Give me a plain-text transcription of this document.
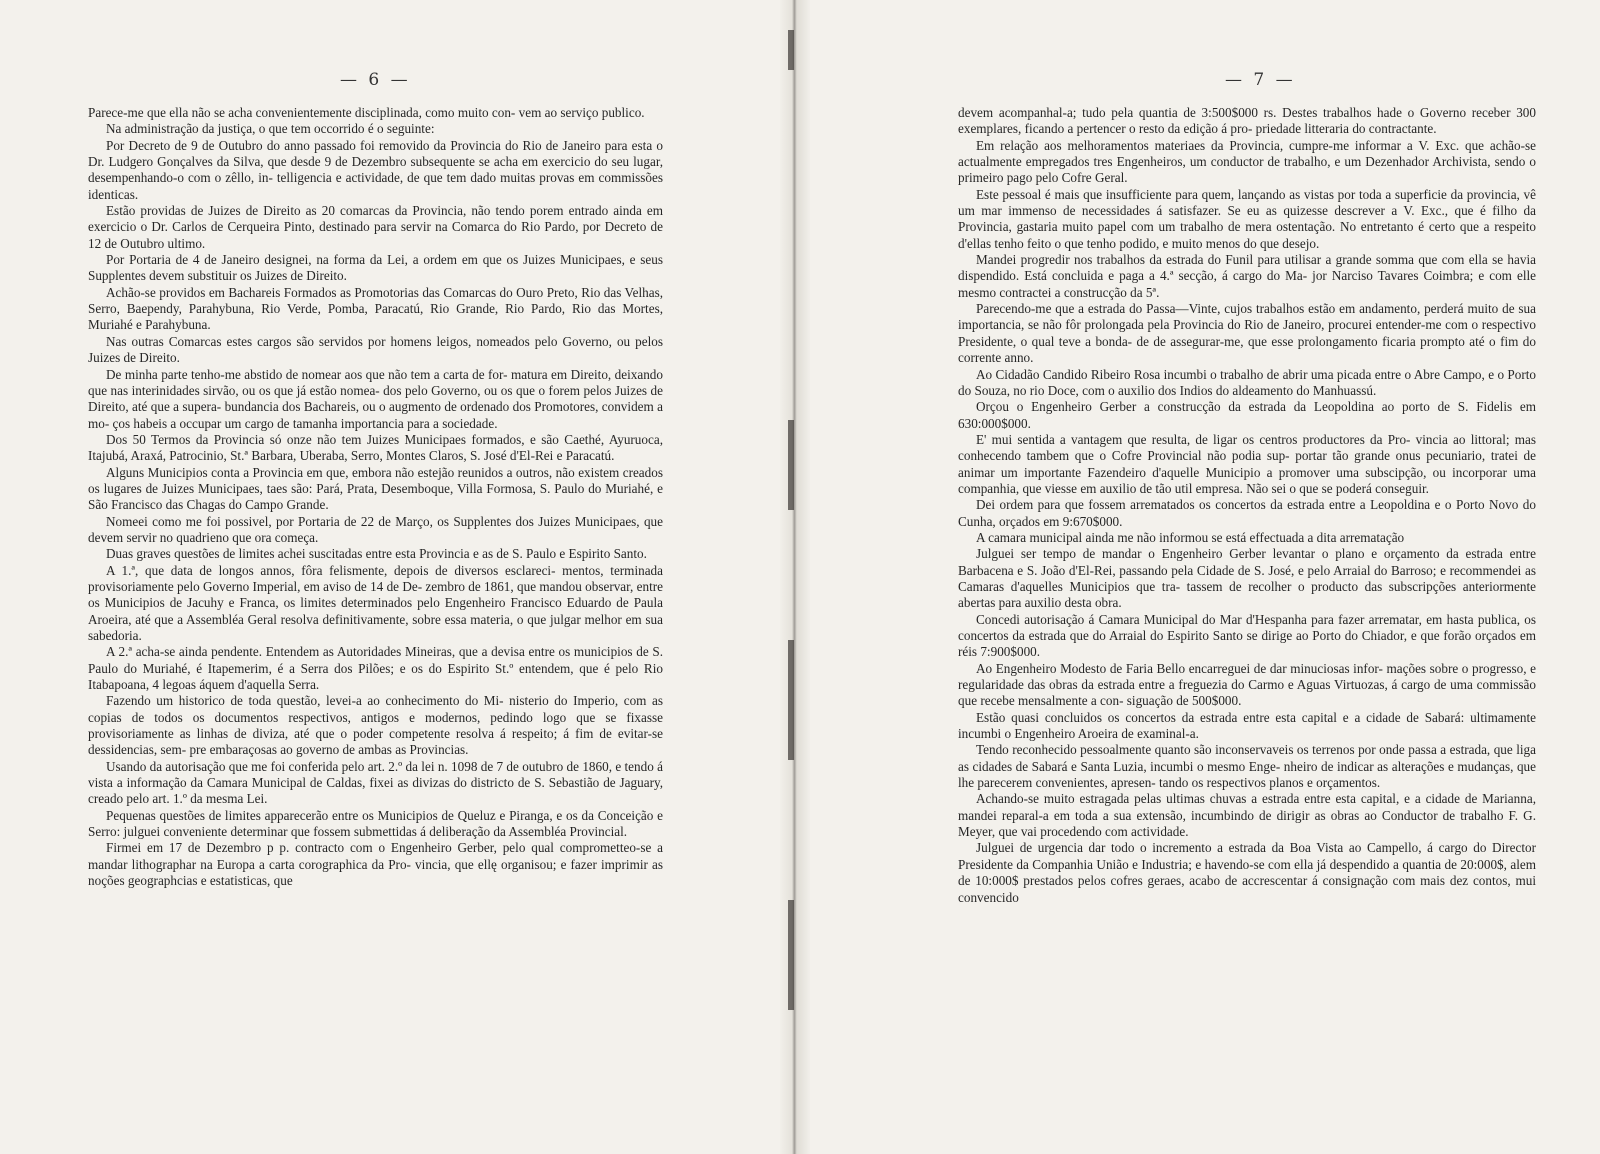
— 6 —

Parece-me que ella não se acha convenientemente disciplinada, como muito con- vem ao serviço publico.

Na administração da justiça, o que tem occorrido é o seguinte:

Por Decreto de 9 de Outubro do anno passado foi removido da Provincia do Rio de Janeiro para esta o Dr. Ludgero Gonçalves da Silva, que desde 9 de Dezembro subsequente se acha em exercicio do seu lugar, desempenhando-o com o zêllo, in- telligencia e actividade, de que tem dado muitas provas em commissões identicas.

Estão providas de Juizes de Direito as 20 comarcas da Provincia, não tendo porem entrado ainda em exercicio o Dr. Carlos de Cerqueira Pinto, destinado para servir na Comarca do Rio Pardo, por Decreto de 12 de Outubro ultimo.

Por Portaria de 4 de Janeiro designei, na forma da Lei, a ordem em que os Juizes Municipaes, e seus Supplentes devem substituir os Juizes de Direito.

Achão-se providos em Bachareis Formados as Promotorias das Comarcas do Ouro Preto, Rio das Velhas, Serro, Baependy, Parahybuna, Rio Verde, Pomba, Paracatú, Rio Grande, Rio Pardo, Rio das Mortes, Muriahé e Parahybuna.

Nas outras Comarcas estes cargos são servidos por homens leigos, nomeados pelo Governo, ou pelos Juizes de Direito.

De minha parte tenho-me abstido de nomear aos que não tem a carta de for- matura em Direito, deixando que nas interinidades sirvão, ou os que já estão nomea- dos pelo Governo, ou os que o forem pelos Juizes de Direito, até que a supera- bundancia dos Bachareis, ou o augmento de ordenado dos Promotores, convidem a mo- ços habeis a occupar um cargo de tamanha importancia para a sociedade.

Dos 50 Termos da Provincia só onze não tem Juizes Municipaes formados, e são Caethé, Ayuruoca, Itajubá, Araxá, Patrocinio, St.ª Barbara, Uberaba, Serro, Montes Claros, S. José d'El-Rei e Paracatú.

Alguns Municipios conta a Provincia em que, embora não estejão reunidos a outros, não existem creados os lugares de Juizes Municipaes, taes são: Pará, Prata, Desemboque, Villa Formosa, S. Paulo do Muriahé, e São Francisco das Chagas do Campo Grande.

Nomeei como me foi possivel, por Portaria de 22 de Março, os Supplentes dos Juizes Municipaes, que devem servir no quadrieno que ora começa.

Duas graves questões de limites achei suscitadas entre esta Provincia e as de S. Paulo e Espirito Santo.

A 1.ª, que data de longos annos, fôra felismente, depois de diversos esclareci- mentos, terminada provisoriamente pelo Governo Imperial, em aviso de 14 de De- zembro de 1861, que mandou observar, entre os Municipios de Jacuhy e Franca, os limites determinados pelo Engenheiro Francisco Eduardo de Paula Aroeira, até que a Assembléa Geral resolva definitivamente, sobre essa materia, o que julgar melhor em sua sabedoria.

A 2.ª acha-se ainda pendente. Entendem as Autoridades Mineiras, que a devisa entre os municipios de S. Paulo do Muriahé, é Itapemerim, é a Serra dos Pilões; e os do Espirito St.º entendem, que é pelo Rio Itabapoana, 4 legoas áquem d'aquella Serra.

Fazendo um historico de toda questão, levei-a ao conhecimento do Mi- nisterio do Imperio, com as copias de todos os documentos respectivos, antigos e modernos, pedindo logo que se fixasse provisoriamente as linhas de diviza, até que o poder competente resolva á respeito; á fim de evitar-se dessidencias, sem- pre embaraçosas ao governo de ambas as Provincias.

Usando da autorisação que me foi conferida pelo art. 2.º da lei n. 1098 de 7 de outubro de 1860, e tendo á vista a informação da Camara Municipal de Caldas, fixei as divizas do districto de S. Sebastião de Jaguary, creado pelo art. 1.º da mesma Lei.

Pequenas questões de limites apparecerão entre os Municipios de Queluz e Piranga, e os da Conceição e Serro: julguei conveniente determinar que fossem submettidas á deliberação da Assembléa Provincial.

Firmei em 17 de Dezembro p p. contracto com o Engenheiro Gerber, pelo qual comprometteo-se a mandar lithographar na Europa a carta corographica da Pro- vincia, que ellę organisou; e fazer imprimir as noções geographcias e estatisticas, que

— 7 —

devem acompanhal-a; tudo pela quantia de 3:500$000 rs. Destes trabalhos hade o Governo receber 300 exemplares, ficando a pertencer o resto da edição á pro- priedade litteraria do contractante.

Em relação aos melhoramentos materiaes da Provincia, cumpre-me informar a V. Exc. que achão-se actualmente empregados tres Engenheiros, um conductor de trabalho, e um Dezenhador Archivista, sendo o primeiro pago pelo Cofre Geral.

Este pessoal é mais que insufficiente para quem, lançando as vistas por toda a superficie da provincia, vê um mar immenso de necessidades á satisfazer. Se eu as quizesse descrever a V. Exc., que é filho da Provincia, gastaria muito papel com um trabalho de mera ostentação. No entretanto é certo que a respeito d'ellas tenho feito o que tenho podido, e muito menos do que desejo.

Mandei progredir nos trabalhos da estrada do Funil para utilisar a grande somma que com ella se havia dispendido. Está concluida e paga a 4.ª secção, á cargo do Ma- jor Narciso Tavares Coimbra; e com elle mesmo contractei a construcção da 5ª.

Parecendo-me que a estrada do Passa—Vinte, cujos trabalhos estão em andamento, perderá muito de sua importancia, se não fôr prolongada pela Provincia do Rio de Janeiro, procurei entender-me com o respectivo Presidente, o qual teve a bonda- de de assegurar-me, que esse prolongamento ficaria prompto até o fim do corrente anno.

Ao Cidadão Candido Ribeiro Rosa incumbi o trabalho de abrir uma picada entre o Abre Campo, e o Porto do Souza, no rio Doce, com o auxilio dos Indios do aldeamento do Manhuassú.

Orçou o Engenheiro Gerber a construcção da estrada da Leopoldina ao porto de S. Fidelis em 630:000$000.

E' mui sentida a vantagem que resulta, de ligar os centros productores da Pro- vincia ao littoral; mas conhecendo tambem que o Cofre Provincial não podia sup- portar tão grande onus pecuniario, tratei de animar um importante Fazendeiro d'aquelle Municipio a promover uma subscipção, ou incorporar uma companhia, que viesse em auxilio de tão util empresa. Não sei o que se poderá conseguir.

Dei ordem para que fossem arrematados os concertos da estrada entre a Leopoldina e o Porto Novo do Cunha, orçados em 9:670$000.

A camara municipal ainda me não informou se está effectuada a dita arrematação

Julguei ser tempo de mandar o Engenheiro Gerber levantar o plano e orçamento da estrada entre Barbacena e S. João d'El-Rei, passando pela Cidade de S. José, e pelo Arraial do Barroso; e recommendei as Camaras d'aquelles Municipios que tra- tassem de recolher o producto das subscripções anteriormente abertas para auxilio desta obra.

Concedi autorisação á Camara Municipal do Mar d'Hespanha para fazer arrematar, em hasta publica, os concertos da estrada que do Arraial do Espirito Santo se dirige ao Porto do Chiador, e que forão orçados em réis 7:900$000.

Ao Engenheiro Modesto de Faria Bello encarreguei de dar minuciosas infor- mações sobre o progresso, e regularidade das obras da estrada entre a freguezia do Carmo e Aguas Virtuozas, á cargo de uma commissão que recebe mensalmente a con- siguação de 500$000.

Estão quasi concluidos os concertos da estrada entre esta capital e a cidade de Sabará: ultimamente incumbi o Engenheiro Aroeira de examinal-a.

Tendo reconhecido pessoalmente quanto são inconservaveis os terrenos por onde passa a estrada, que liga as cidades de Sabará e Santa Luzia, incumbi o mesmo Enge- nheiro de indicar as alterações e mudanças, que lhe parecerem convenientes, apresen- tando os respectivos planos e orçamentos.

Achando-se muito estragada pelas ultimas chuvas a estrada entre esta capital, e a cidade de Marianna, mandei reparal-a em toda a sua extensão, incumbindo de dirigir as obras ao Conductor de trabalho F. G. Meyer, que vai procedendo com actividade.

Julguei de urgencia dar todo o incremento a estrada da Boa Vista ao Campello, á cargo do Director Presidente da Companhia União e Industria; e havendo-se com ella já despendido a quantia de 20:000$, alem de 10:000$ prestados pelos cofres geraes, acabo de accrescentar á consignação com mais dez contos, mui convencido
